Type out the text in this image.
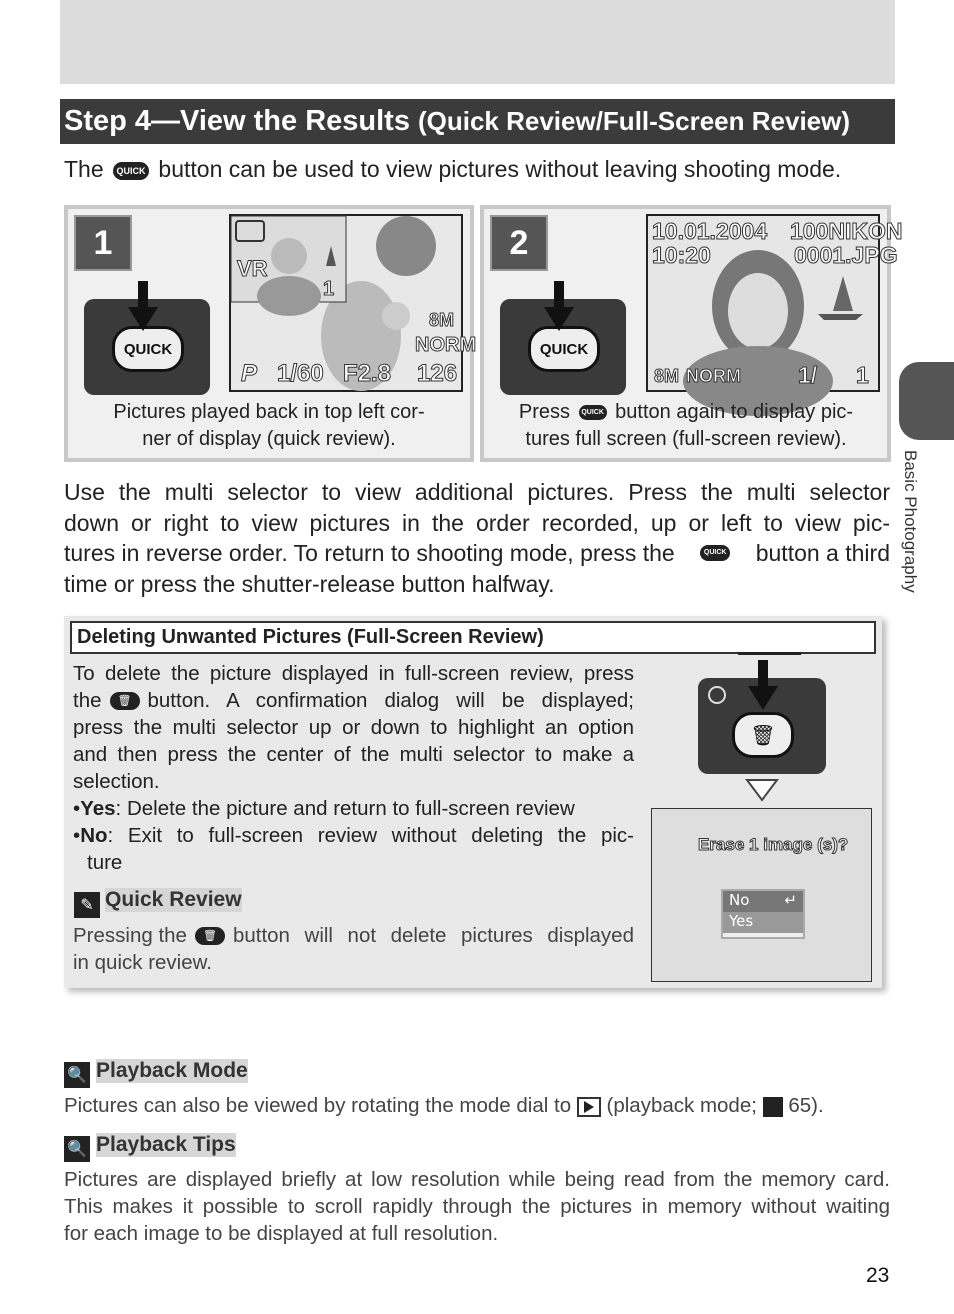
Step 4—View the Results (Quick Review/Full-Screen Review)
The QUICK button can be used to view pictures without leaving shooting mode.
1
QUICK
VR
1
8M
NORM
P 1/60 F2.8 126
Pictures played back in top left cor-
ner of display (quick review).
2
QUICK
10.01.2004
10:20
100NIKON
0001.JPG
8M NORM 1/ 1
Press QUICK button again to display pic-
tures full screen (full-screen review).
Use the multi selector to view additional pictures. Press the multi selector
down or right to view pictures in the order recorded, up or left to view pic-
tures in reverse order. To return to shooting mode, press the	QUICK button a third
time or press the shutter-release button halfway.	Basic Photography
Deleting Unwanted Pictures (Full-Screen Review)
To delete the picture displayed in full-screen review, press
the	🗑 button. A confirmation dialog will be displayed;
press the multi selector up or down to highlight an option
and then press the center of the multi selector to make a
selection.
•Yes: Delete the picture and return to full-screen review
•No: Exit to full-screen review without deleting the pic-
ture
✎ Quick Review
Pressing the	🗑 button will not delete pictures displayed
in quick review.
🗑
Erase 1 image (s)?
No ↵
Yes
🔍 Playback Mode
Pictures can also be viewed by rotating the mode dial to (playback mode; 65).
🔍 Playback Tips
Pictures are displayed briefly at low resolution while being read from the memory card.
This makes it possible to scroll rapidly through the pictures in memory without waiting
for each image to be displayed at full resolution.
23
